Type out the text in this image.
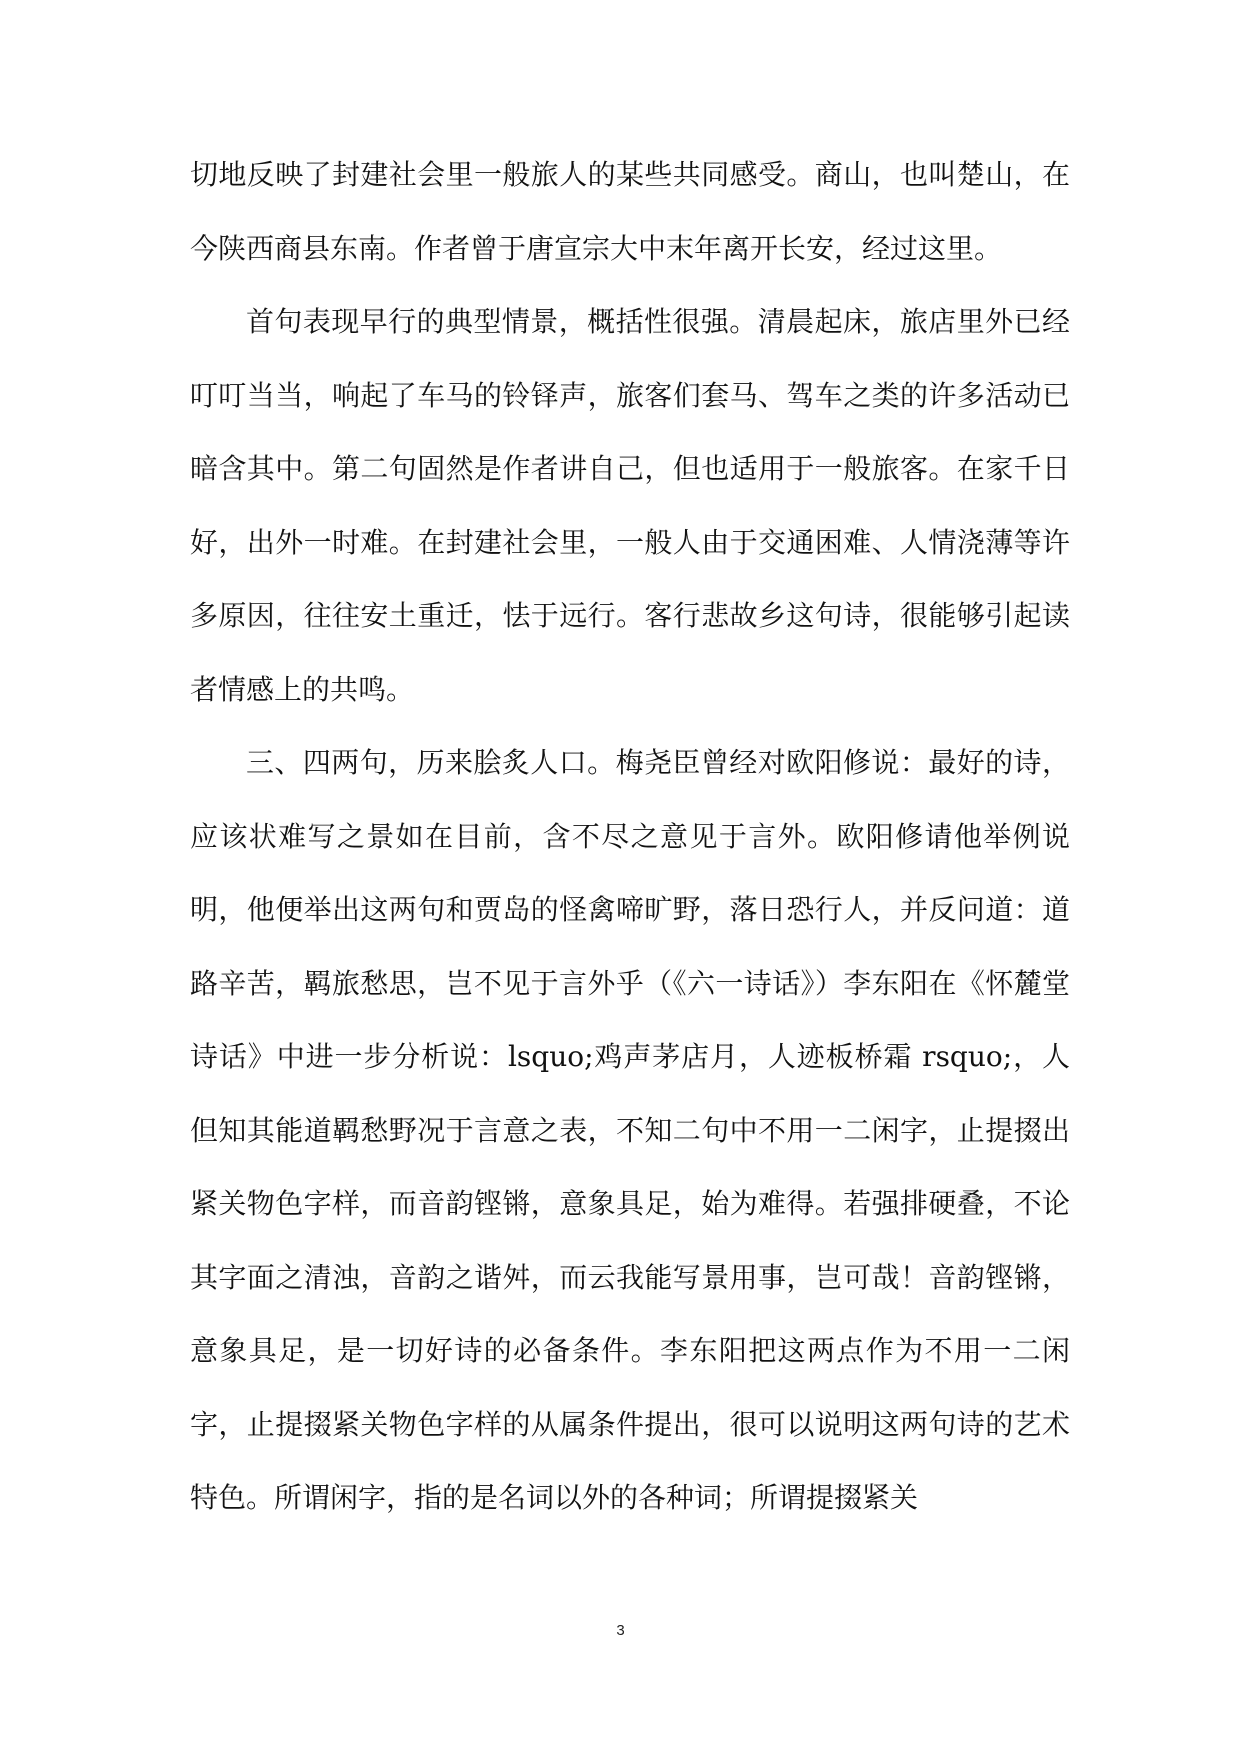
切地反映了封建社会里一般旅人的某些共同感受。商山，也叫楚山，在今陕西商县东南。作者曾于唐宣宗大中末年离开长安，经过这里。

首句表现早行的典型情景，概括性很强。清晨起床，旅店里外已经叮叮当当，响起了车马的铃铎声，旅客们套马、驾车之类的许多活动已暗含其中。第二句固然是作者讲自己，但也适用于一般旅客。在家千日好，出外一时难。在封建社会里，一般人由于交通困难、人情浇薄等许多原因，往往安土重迁，怯于远行。客行悲故乡这句诗，很能够引起读者情感上的共鸣。

三、四两句，历来脍炙人口。梅尧臣曾经对欧阳修说：最好的诗，应该状难写之景如在目前，含不尽之意见于言外。欧阳修请他举例说明，他便举出这两句和贾岛的怪禽啼旷野，落日恐行人，并反问道：道路辛苦，羁旅愁思，岂不见于言外乎（《六一诗话》）李东阳在《怀麓堂诗话》中进一步分析说：lsquo;鸡声茅店月，人迹板桥霜 rsquo;，人但知其能道羁愁野况于言意之表，不知二句中不用一二闲字，止提掇出紧关物色字样，而音韵铿锵，意象具足，始为难得。若强排硬叠，不论其字面之清浊，音韵之谐舛，而云我能写景用事，岂可哉！音韵铿锵，意象具足，是一切好诗的必备条件。李东阳把这两点作为不用一二闲字，止提掇紧关物色字样的从属条件提出，很可以说明这两句诗的艺术特色。所谓闲字，指的是名词以外的各种词；所谓提掇紧关

3
